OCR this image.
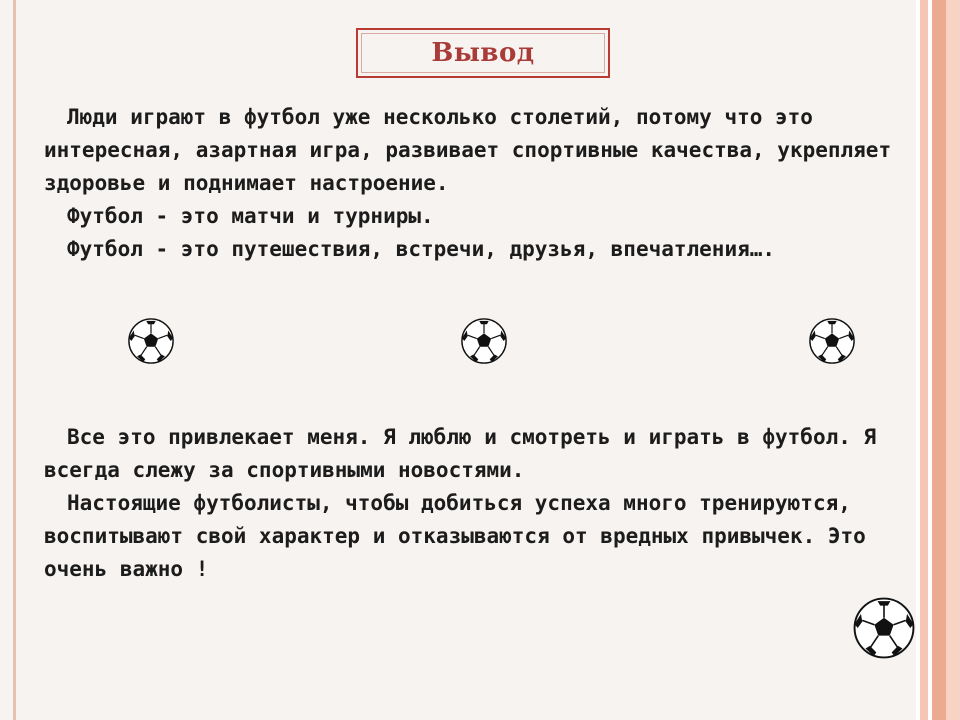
Вывод

Люди играют в футбол уже несколько столетий, потому что это интересная, азартная игра, развивает спортивные качества, укрепляет здоровье и поднимает настроение.

Футбол - это матчи и турниры.

Футбол - это путешествия, встречи, друзья, впечатления….

Все это привлекает меня. Я люблю и смотреть и играть в футбол. Я всегда слежу за спортивными новостями.

Настоящие футболисты, чтобы добиться успеха много тренируются, воспитывают свой характер и отказываются от вредных привычек. Это очень важно !
